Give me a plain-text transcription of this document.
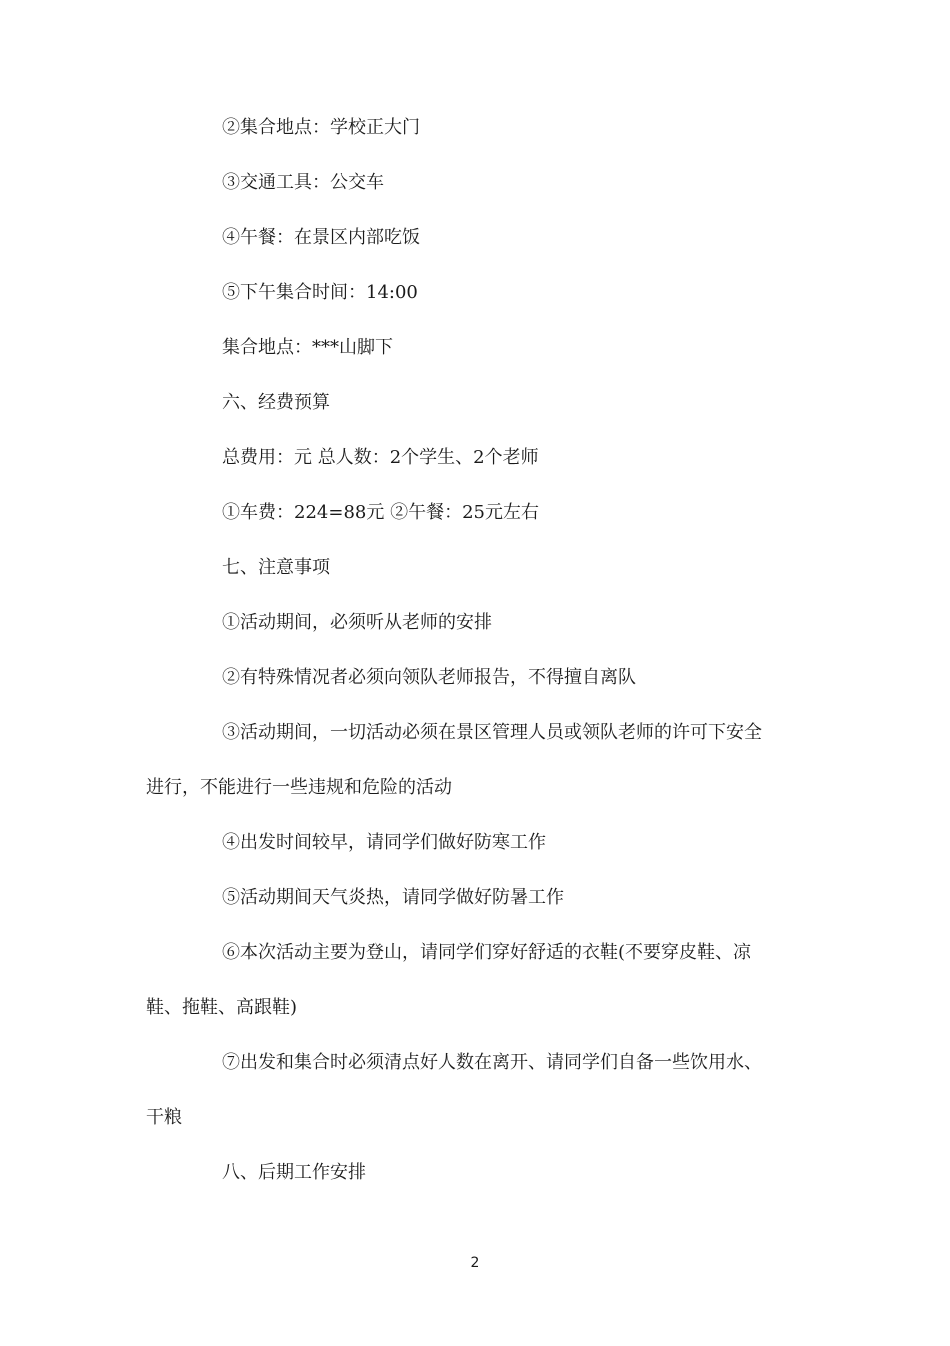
②集合地点：学校正大门

③交通工具：公交车

④午餐：在景区内部吃饭

⑤下午集合时间：14:00

集合地点：***山脚下

六、经费预算

总费用：元 总人数：2个学生、2个老师

①车费：224=88元 ②午餐：25元左右

七、注意事项

①活动期间，必须听从老师的安排

②有特殊情况者必须向领队老师报告，不得擅自离队

③活动期间，一切活动必须在景区管理人员或领队老师的许可下安全

进行，不能进行一些违规和危险的活动

④出发时间较早，请同学们做好防寒工作

⑤活动期间天气炎热，请同学做好防暑工作

⑥本次活动主要为登山，请同学们穿好舒适的衣鞋(不要穿皮鞋、凉

鞋、拖鞋、高跟鞋)

⑦出发和集合时必须清点好人数在离开、请同学们自备一些饮用水、

干粮

八、后期工作安排

2
